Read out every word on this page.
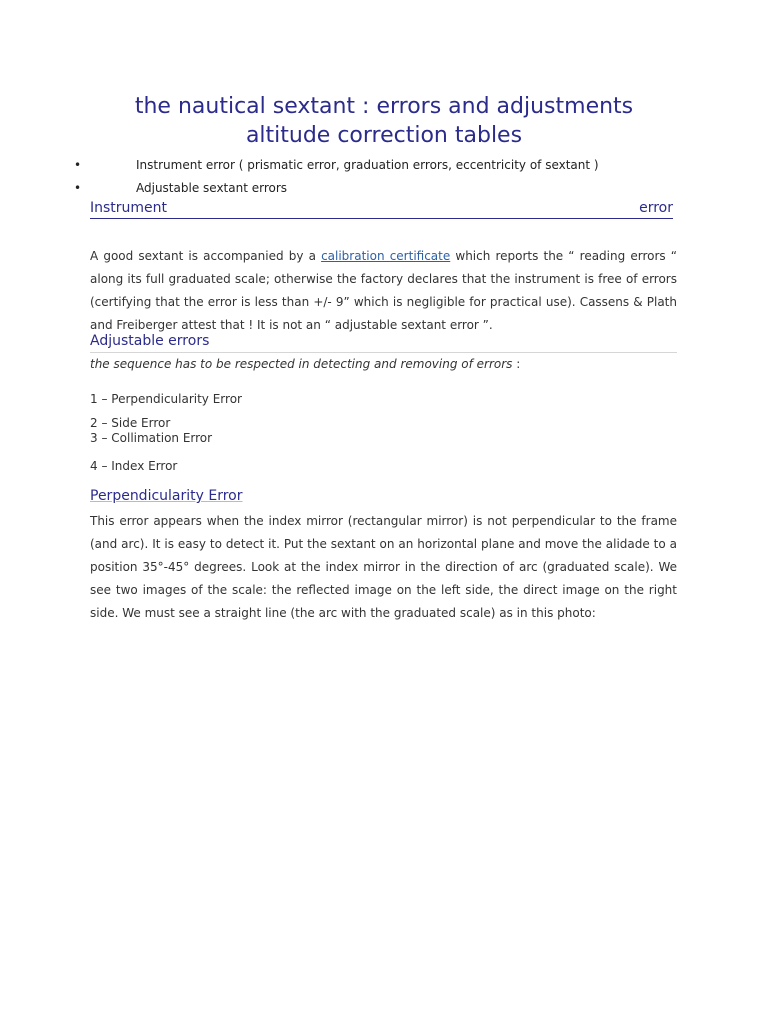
the nautical sextant : errors and adjustments
altitude correction tables
•	Instrument error ( prismatic error, graduation errors, eccentricity of sextant )
•	Adjustable sextant errors
Instrument	error
A good sextant is accompanied by a calibration certificate which reports the “ reading errors “ along its full graduated scale; otherwise the factory declares that the instrument is free of errors (certifying that the error is less than +/- 9” which is negligible for practical use). Cassens & Plath and Freiberger attest that ! It is not an “ adjustable sextant error ”.
Adjustable errors
the sequence has to be respected in detecting and removing of errors :
1 – Perpendicularity Error
2 – Side Error
3 – Collimation Error
4 – Index Error
Perpendicularity Error
This error appears when the index mirror (rectangular mirror) is not perpendicular to the frame (and arc). It is easy to detect it. Put the sextant on an horizontal plane and move the alidade to a position 35°-45° degrees. Look at the index mirror in the direction of arc (graduated scale). We see two images of the scale: the reflected image on the left side, the direct image on the right side. We must see a straight line (the arc with the graduated scale) as in this photo:
